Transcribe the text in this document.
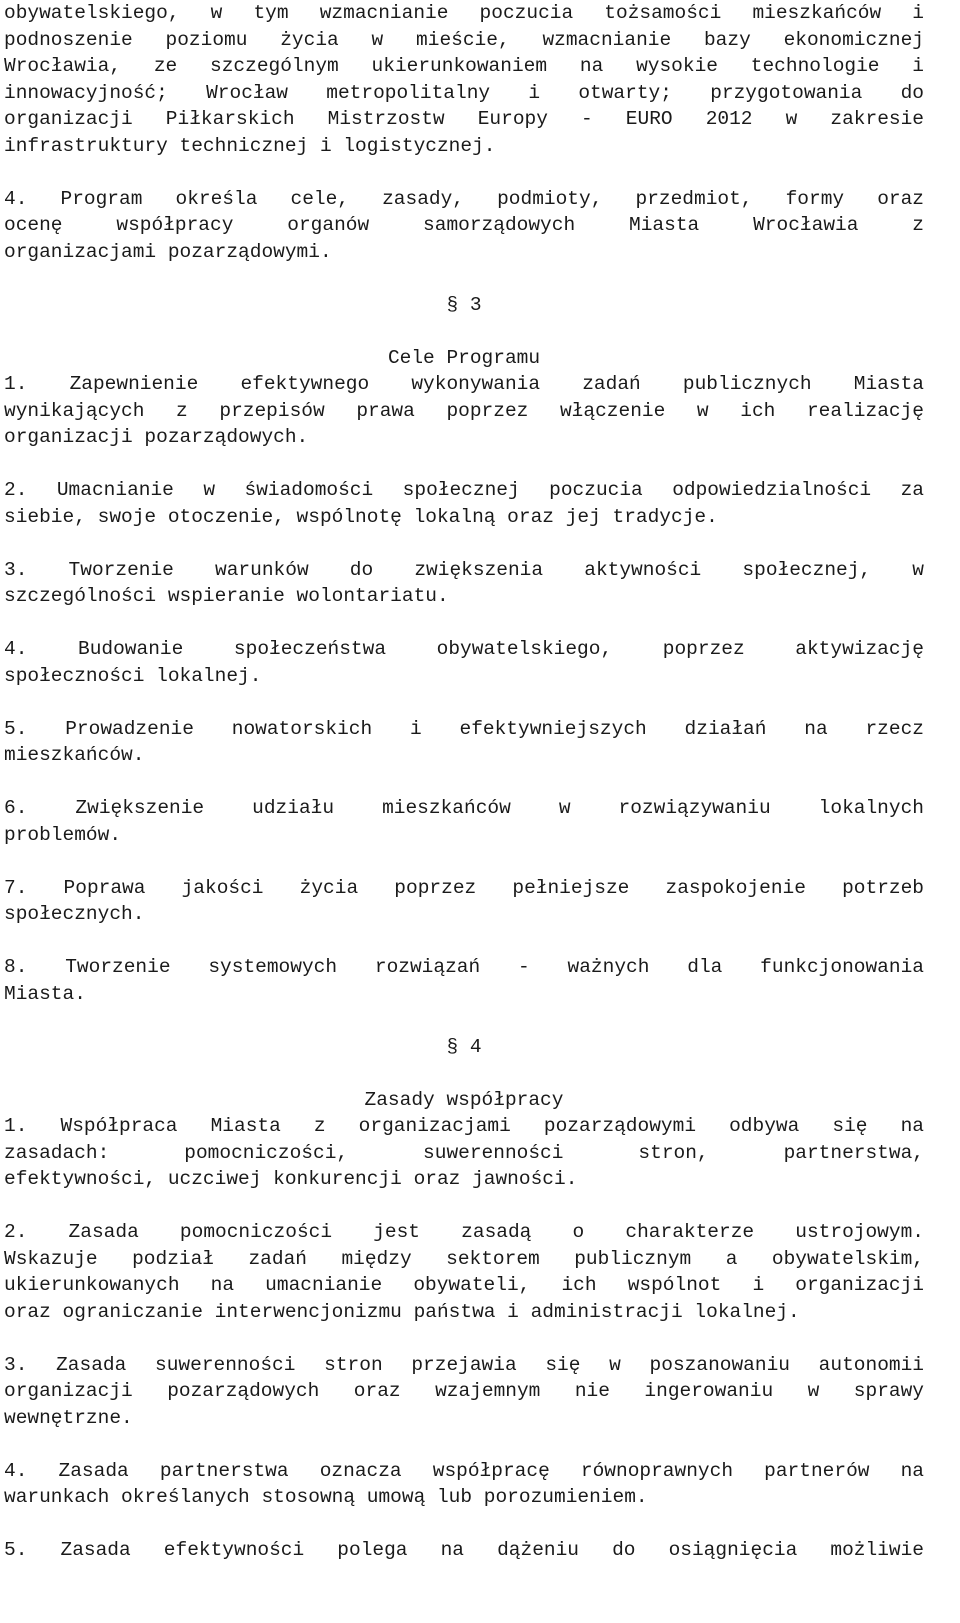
obywatelskiego, w tym wzmacnianie poczucia tożsamości mieszkańców i
podnoszenie poziomu życia w mieście, wzmacnianie bazy ekonomicznej
Wrocławia, ze szczególnym ukierunkowaniem na wysokie technologie i
innowacyjność; Wrocław metropolitalny i otwarty; przygotowania do
organizacji Piłkarskich Mistrzostw Europy - EURO 2012 w zakresie
infrastruktury technicznej i logistycznej.
4. Program określa cele, zasady, podmioty, przedmiot, formy oraz
ocenę współpracy organów samorządowych Miasta Wrocławia z
organizacjami pozarządowymi.
§ 3
Cele Programu
1. Zapewnienie efektywnego wykonywania zadań publicznych Miasta
wynikających z przepisów prawa poprzez włączenie w ich realizację
organizacji pozarządowych.
2. Umacnianie w świadomości społecznej poczucia odpowiedzialności za
siebie, swoje otoczenie, wspólnotę lokalną oraz jej tradycje.
3. Tworzenie warunków do zwiększenia aktywności społecznej, w
szczególności wspieranie wolontariatu.
4. Budowanie społeczeństwa obywatelskiego, poprzez aktywizację
społeczności lokalnej.
5. Prowadzenie nowatorskich i efektywniejszych działań na rzecz
mieszkańców.
6. Zwiększenie udziału mieszkańców w rozwiązywaniu lokalnych
problemów.
7. Poprawa jakości życia poprzez pełniejsze zaspokojenie potrzeb
społecznych.
8. Tworzenie systemowych rozwiązań - ważnych dla funkcjonowania
Miasta.
§ 4
Zasady współpracy
1. Współpraca Miasta z organizacjami pozarządowymi odbywa się na
zasadach: pomocniczości, suwerenności stron, partnerstwa,
efektywności, uczciwej konkurencji oraz jawności.
2. Zasada pomocniczości jest zasadą o charakterze ustrojowym.
Wskazuje podział zadań między sektorem publicznym a obywatelskim,
ukierunkowanych na umacnianie obywateli, ich wspólnot i organizacji
oraz ograniczanie interwencjonizmu państwa i administracji lokalnej.
3. Zasada suwerenności stron przejawia się w poszanowaniu autonomii
organizacji pozarządowych oraz wzajemnym nie ingerowaniu w sprawy
wewnętrzne.
4. Zasada partnerstwa oznacza współpracę równoprawnych partnerów na
warunkach określanych stosowną umową lub porozumieniem.
5. Zasada efektywności polega na dążeniu do osiągnięcia możliwie
